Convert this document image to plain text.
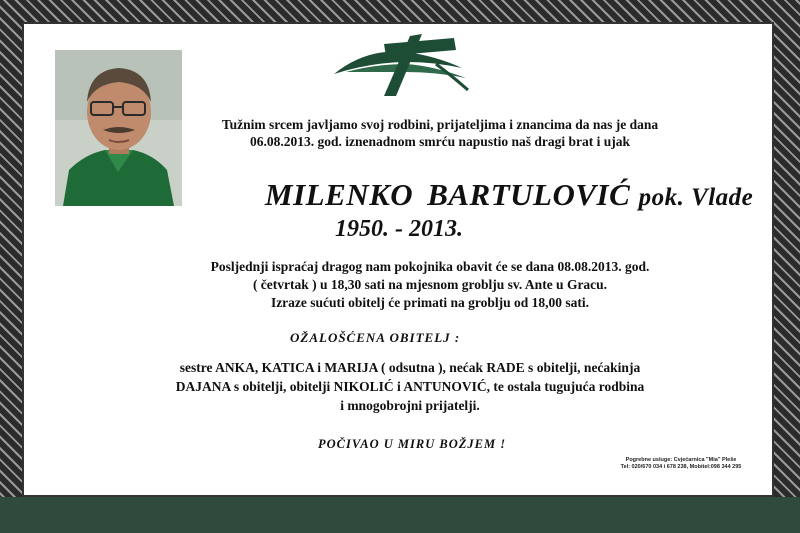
Tužnim srcem javljamo svoj rodbini, prijateljima i znancima da nas je dana
06.08.2013. god. iznenadnom smrću napustio naš dragi brat i ujak
MILENKO BARTULOVIĆ pok. Vlade
1950. - 2013.
Posljednji ispraćaj dragog nam pokojnika obavit će se dana 08.08.2013. god.
( četvrtak ) u 18,30 sati na mjesnom groblju sv. Ante u Gracu.
Izraze sućuti obitelj će primati na groblju od 18,00 sati.
OŽALOŠĆENA OBITELJ :
sestre ANKA, KATICA i MARIJA ( odsutna ), nećak RADE s obitelji, nećakinja
DAJANA s obitelji, obitelji NIKOLIĆ i ANTUNOVIĆ, te ostala tugujuća rodbina
i mnogobrojni prijatelji.
POČIVAO U MIRU BOŽJEM !
Pogrebne usluge: Cvjećarnica "Mia" Pleše
Tel: 020/670 034 i 678 238, Mobitel:098 344 295
